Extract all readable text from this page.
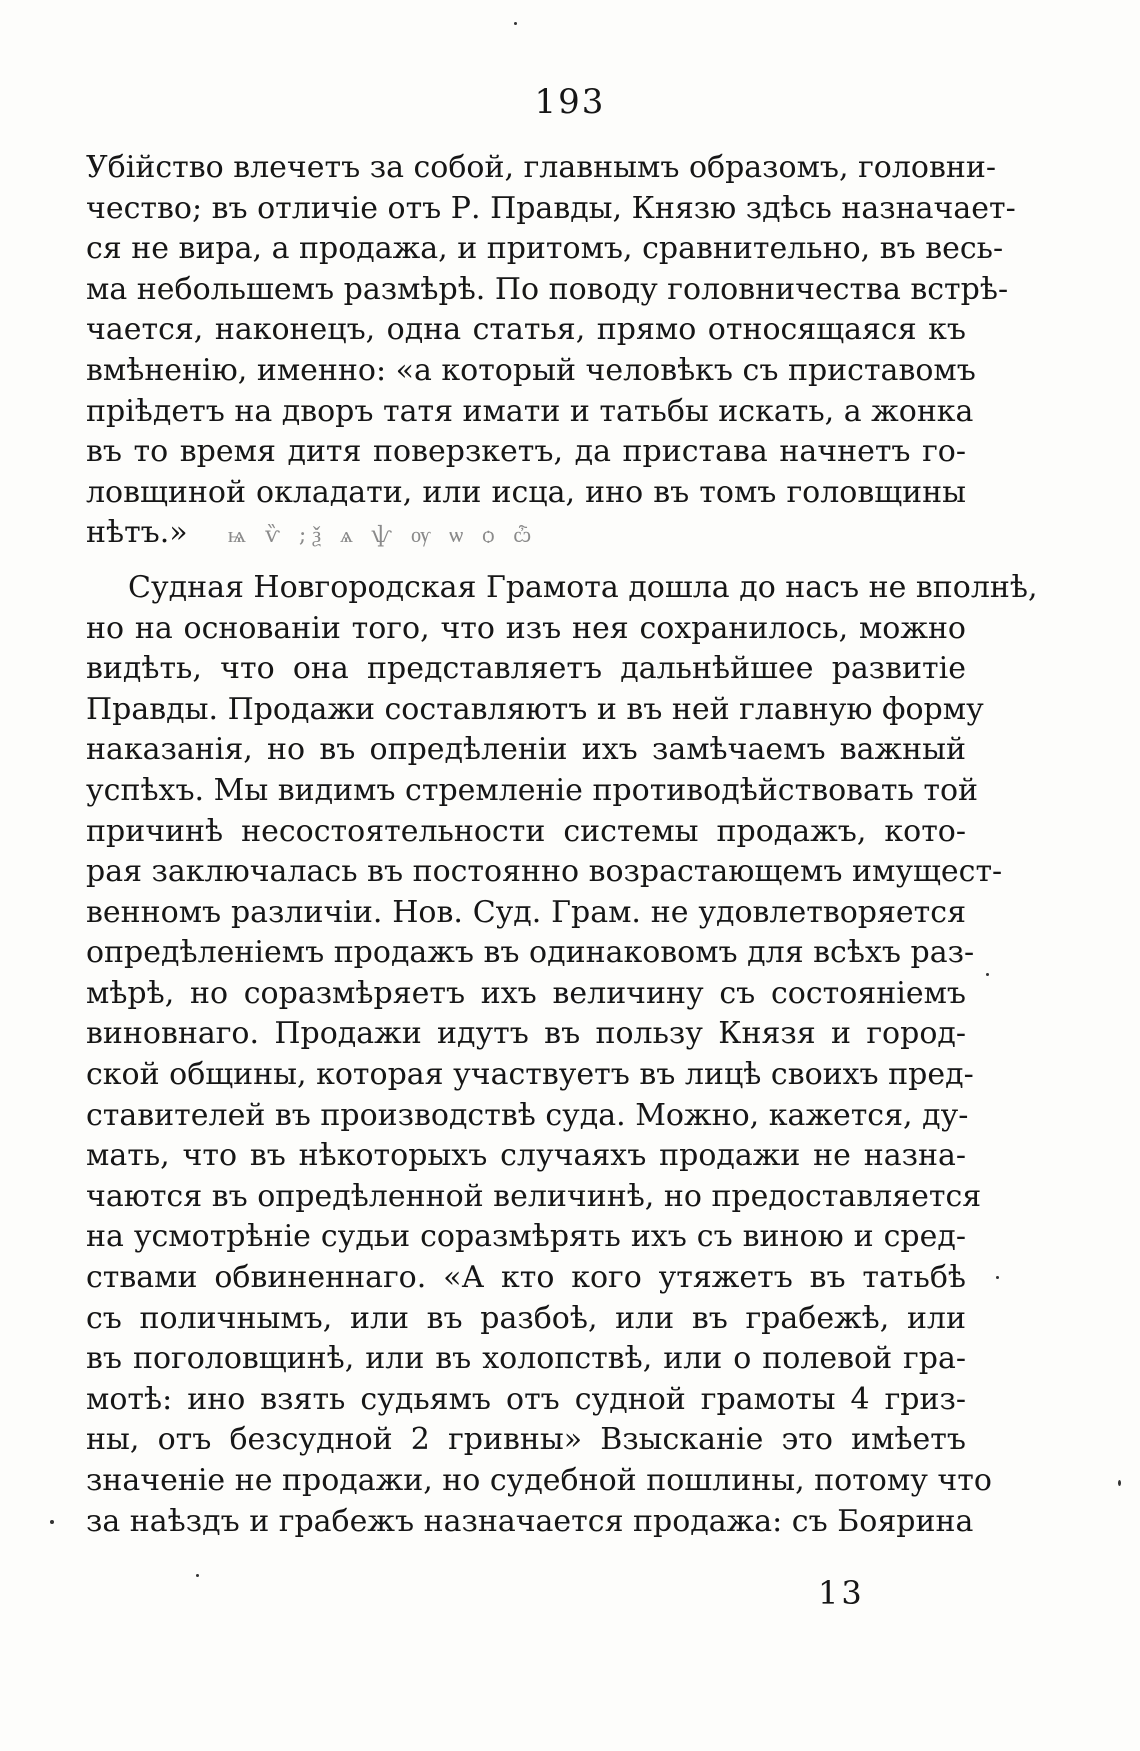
193
Убійство влечетъ за собой, главнымъ образомъ, головни-
чество; въ отличіе отъ Р. Правды, Князю здѣсь назначает-
ся не вира, а продажа, и притомъ, сравнительно, въ весь-
ма небольшемъ размѣрѣ. По поводу головничества встрѣ-
чается, наконецъ, одна статья, прямо относящаяся къ
вмѣненію, именно: «а который человѣкъ съ приставомъ
пріѣдетъ на дворъ татя имати и татьбы искать, а жонка
въ то время дитя поверзкетъ, да пристава начнетъ го-
ловщиной окладати, или исца, ино въ томъ головщины
нѣтъ.» ѩ ѷ ;ѯ ѧ ѱ ѹ ѡ ѻ ѽ
Судная Новгородская Грамота дошла до насъ не вполнѣ,
но на основаніи того, что изъ нея сохранилось, можно
видѣть, что она представляетъ дальнѣйшее развитіе
Правды. Продажи составляютъ и въ ней главную форму
наказанія, но въ опредѣленіи ихъ замѣчаемъ важный
успѣхъ. Мы видимъ стремленіе противодѣйствовать той
причинѣ несостоятельности системы продажъ, кото-
рая заключалась въ постоянно возрастающемъ имущест-
венномъ различіи. Нов. Суд. Грам. не удовлетворяется
опредѣленіемъ продажъ въ одинаковомъ для всѣхъ раз-
мѣрѣ, но соразмѣряетъ ихъ величину съ состояніемъ
виновнаго. Продажи идутъ въ пользу Князя и город-
ской общины, которая участвуетъ въ лицѣ своихъ пред-
ставителей въ производствѣ суда. Можно, кажется, ду-
мать, что въ нѣкоторыхъ случаяхъ продажи не назна-
чаются въ опредѣленной величинѣ, но предоставляется
на усмотрѣніе судьи соразмѣрять ихъ съ виною и сред-
ствами обвиненнаго. «А кто кого утяжетъ въ татьбѣ
съ поличнымъ, или въ разбоѣ, или въ грабежѣ, или
въ поголовщинѣ, или въ холопствѣ, или о полевой гра-
мотѣ: ино взять судьямъ отъ судной грамоты 4 гриз-
ны, отъ безсудной 2 гривны» Взысканіе это имѣетъ
значеніе не продажи, но судебной пошлины, потому что
за наѣздъ и грабежъ назначается продажа: съ Боярина
13
